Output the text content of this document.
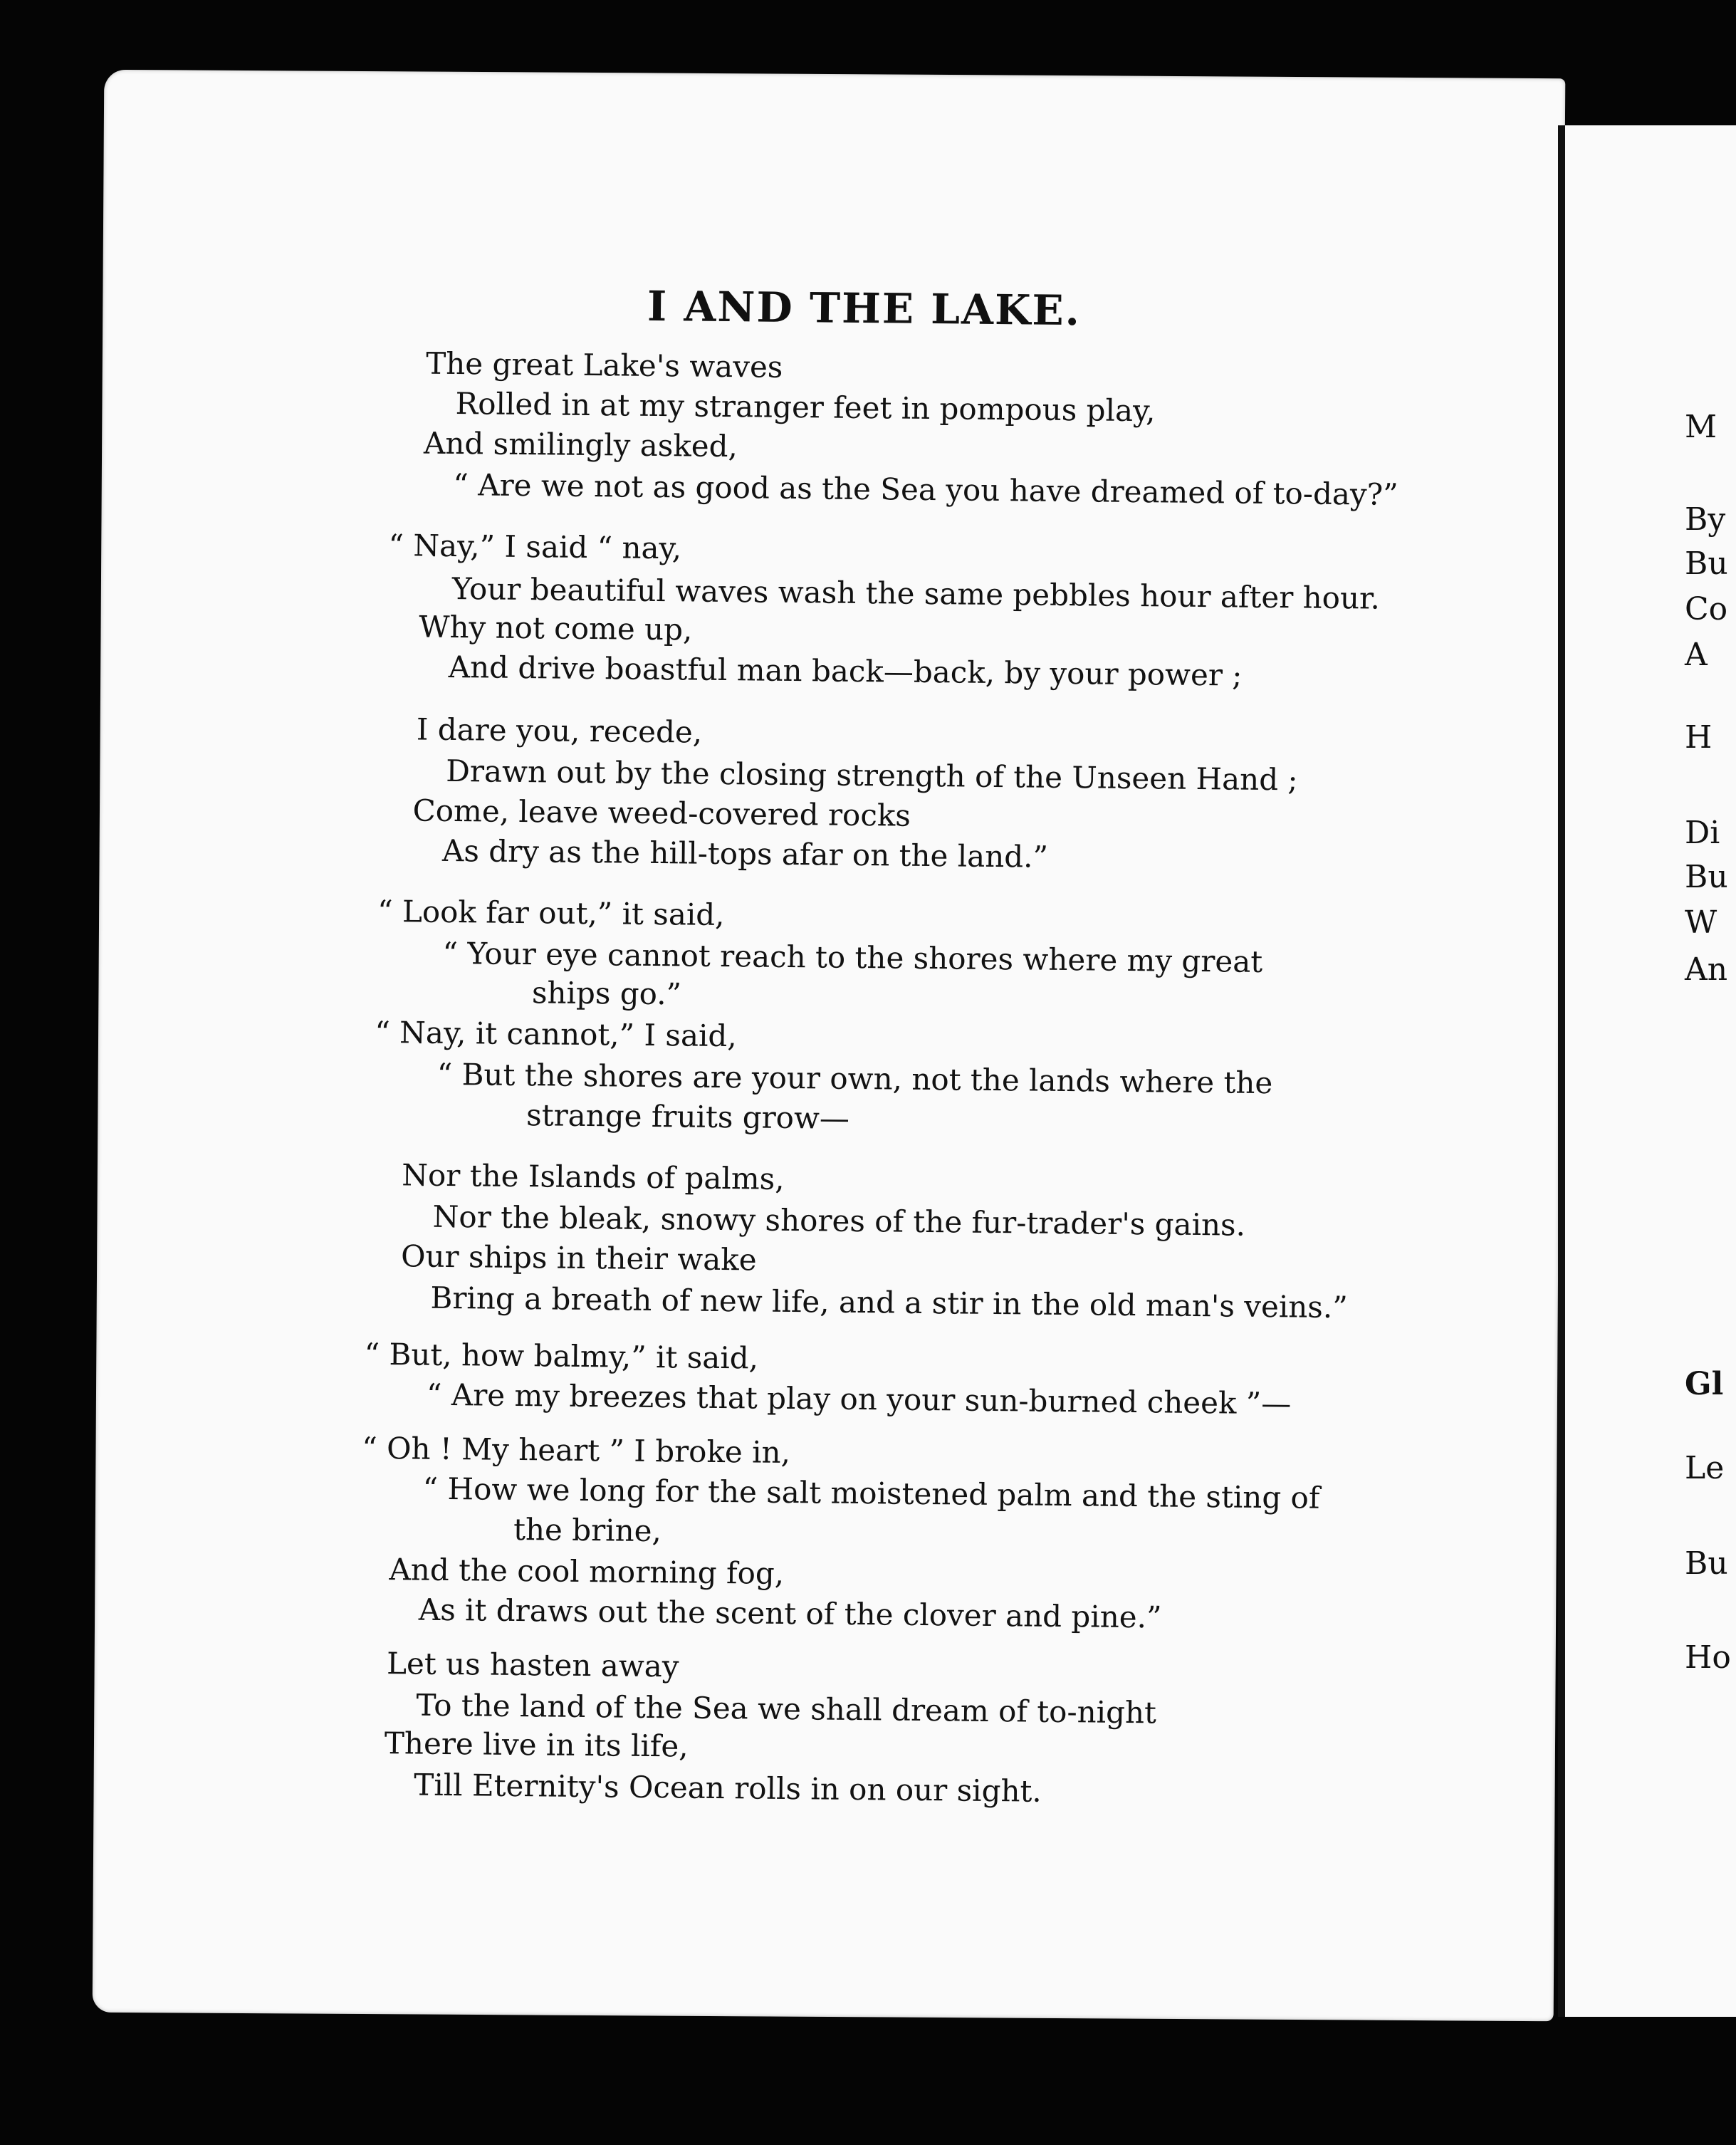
I AND THE LAKE.
The great Lake's waves
Rolled in at my stranger feet in pompous play,
And smilingly asked,
“ Are we not as good as the Sea you have dreamed of to-day?”
“ Nay,” I said “ nay,
Your beautiful waves wash the same pebbles hour after hour.
Why not come up,
And drive boastful man back—back, by your power ;
I dare you, recede,
Drawn out by the closing strength of the Unseen Hand ;
Come, leave weed-covered rocks
As dry as the hill-tops afar on the land.”
“ Look far out,” it said,
“ Your eye cannot reach to the shores where my great
ships go.”
“ Nay, it cannot,” I said,
“ But the shores are your own, not the lands where the
strange fruits grow—
Nor the Islands of palms,
Nor the bleak, snowy shores of the fur-trader's gains.
Our ships in their wake
Bring a breath of new life, and a stir in the old man's veins.”
“ But, how balmy,” it said,
“ Are my breezes that play on your sun-burned cheek ”—
“ Oh ! My heart ” I broke in,
“ How we long for the salt moistened palm and the sting of
the brine,
And the cool morning fog,
As it draws out the scent of the clover and pine.”
Let us hasten away
To the land of the Sea we shall dream of to-night
There live in its life,
Till Eternity's Ocean rolls in on our sight.
M
By
Bu
Co
A
H
Di
Bu
W
An
Gl
Le
Bu
Ho
